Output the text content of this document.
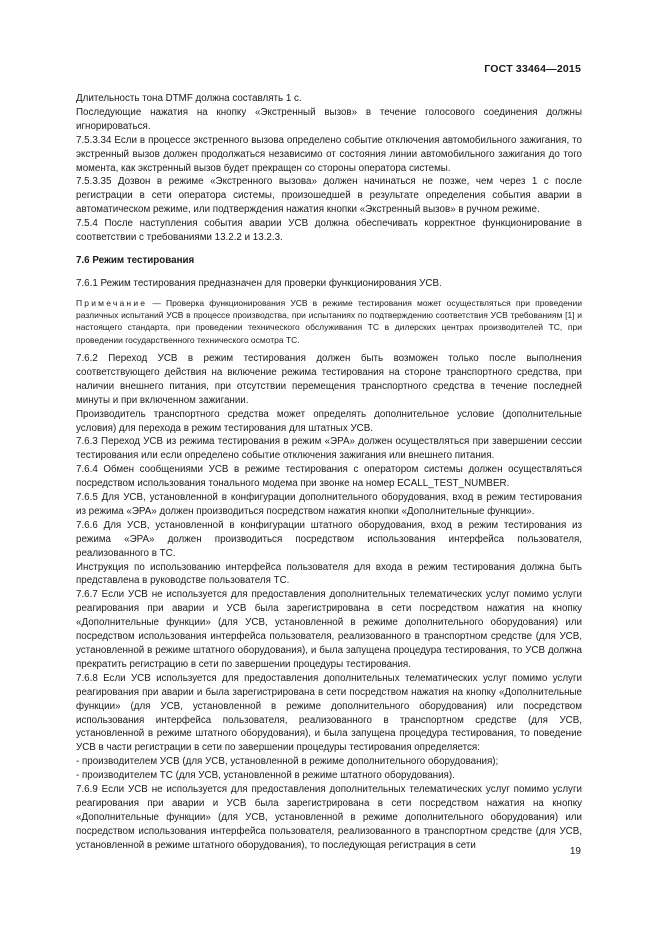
ГОСТ 33464—2015

Длительность тона DTMF должна составлять 1 с.

Последующие нажатия на кнопку «Экстренный вызов» в течение голосового соединения должны игнорироваться.

7.5.3.34 Если в процессе экстренного вызова определено событие отключения автомобильного зажигания, то экстренный вызов должен продолжаться независимо от состояния линии автомобильного зажигания до того момента, как экстренный вызов будет прекращен со стороны оператора системы.

7.5.3.35 Дозвон в режиме «Экстренного вызова» должен начинаться не позже, чем через 1 с после регистрации в сети оператора системы, произошедшей в результате определения события аварии в автоматическом режиме, или подтверждения нажатия кнопки «Экстренный вызов» в ручном режиме.

7.5.4 После наступления события аварии УСВ должна обеспечивать корректное функционирование в соответствии с требованиями 13.2.2 и 13.2.3.

7.6 Режим тестирования

7.6.1 Режим тестирования предназначен для проверки функционирования УСВ.

Примечание — Проверка функционирования УСВ в режиме тестирования может осуществляться при проведении различных испытаний УСВ в процессе производства, при испытаниях по подтверждению соответствия УСВ требованиям [1] и настоящего стандарта, при проведении технического обслуживания ТС в дилерских центрах производителей ТС, при проведении государственного технического осмотра ТС.

7.6.2 Переход УСВ в режим тестирования должен быть возможен только после выполнения соответствующего действия на включение режима тестирования на стороне транспортного средства, при наличии внешнего питания, при отсутствии перемещения транспортного средства в течение последней минуты и при включенном зажигании.

Производитель транспортного средства может определять дополнительное условие (дополнительные условия) для перехода в режим тестирования для штатных УСВ.

7.6.3 Переход УСВ из режима тестирования в режим «ЭРА» должен осуществляться при завершении сессии тестирования или если определено событие отключения зажигания или внешнего питания.

7.6.4 Обмен сообщениями УСВ в режиме тестирования с оператором системы должен осуществляться посредством использования тонального модема при звонке на номер ECALL_TEST_NUMBER.

7.6.5 Для УСВ, установленной в конфигурации дополнительного оборудования, вход в режим тестирования из режима «ЭРА» должен производиться посредством нажатия кнопки «Дополнительные функции».

7.6.6 Для УСВ, установленной в конфигурации штатного оборудования, вход в режим тестирования из режима «ЭРА» должен производиться посредством использования интерфейса пользователя, реализованного в ТС.

Инструкция по использованию интерфейса пользователя для входа в режим тестирования должна быть представлена в руководстве пользователя ТС.

7.6.7 Если УСВ не используется для предоставления дополнительных телематических услуг помимо услуги реагирования при аварии и УСВ была зарегистрирована в сети посредством нажатия на кнопку «Дополнительные функции» (для УСВ, установленной в режиме дополнительного оборудования) или посредством использования интерфейса пользователя, реализованного в транспортном средстве (для УСВ, установленной в режиме штатного оборудования), и была запущена процедура тестирования, то УСВ должна прекратить регистрацию в сети по завершении процедуры тестирования.

7.6.8 Если УСВ используется для предоставления дополнительных телематических услуг помимо услуги реагирования при аварии и была зарегистрирована в сети посредством нажатия на кнопку «Дополнительные функции» (для УСВ, установленной в режиме дополнительного оборудования) или посредством использования интерфейса пользователя, реализованного в транспортном средстве (для УСВ, установленной в режиме штатного оборудования), и была запущена процедура тестирования, то поведение УСВ в части регистрации в сети по завершении процедуры тестирования определяется:

- производителем УСВ (для УСВ, установленной в режиме дополнительного оборудования);

- производителем ТС (для УСВ, установленной в режиме штатного оборудования).

7.6.9 Если УСВ не используется для предоставления дополнительных телематических услуг помимо услуги реагирования при аварии и УСВ была зарегистрирована в сети посредством нажатия на кнопку «Дополнительные функции» (для УСВ, установленной в режиме дополнительного оборудования) или посредством использования интерфейса пользователя, реализованного в транспортном средстве (для УСВ, установленной в режиме штатного оборудования), то последующая регистрация в сети

19
